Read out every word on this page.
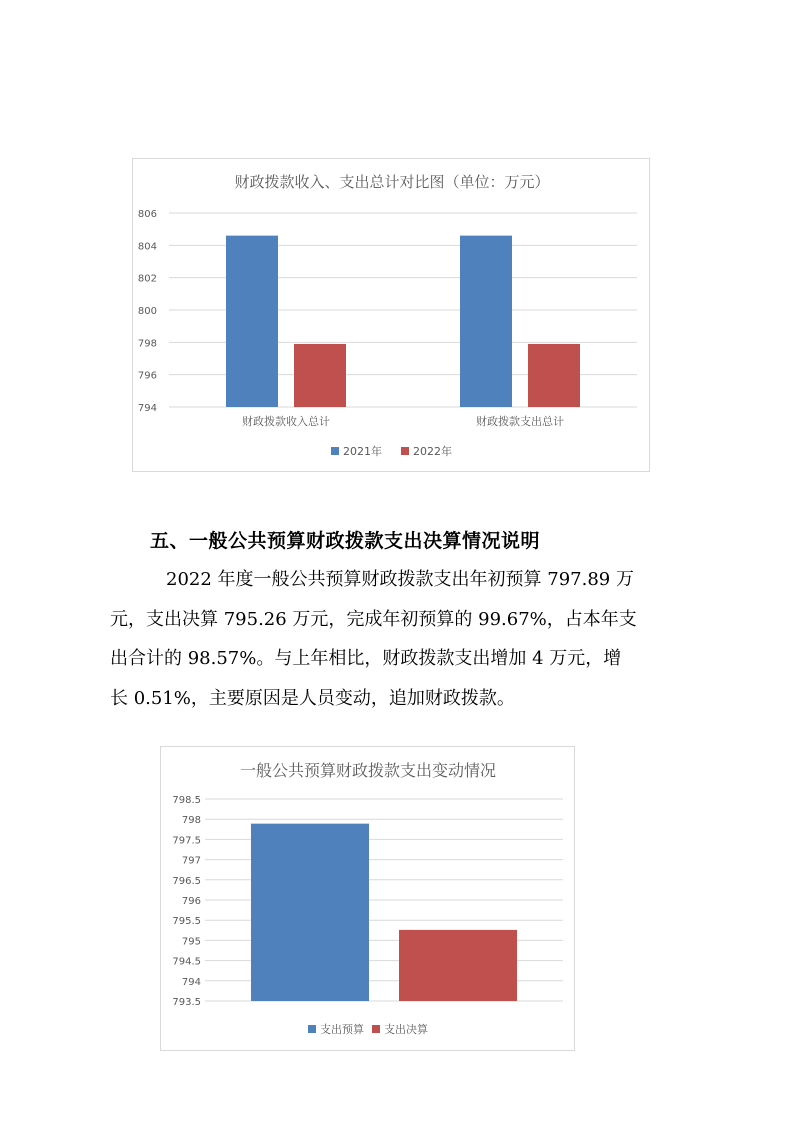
财政拨款收入、支出总计对比图（单位：万元）
794
796
798
800
802
804
806
财政拨款收入总计	财政拨款支出总计
2021年	2022年
五、一般公共预算财政拨款支出决算情况说明
2022 年度一般公共预算财政拨款支出年初预算 797.89 万
元，支出决算 795.26 万元，完成年初预算的 99.67%，占本年支
出合计的 98.57%。与上年相比，财政拨款支出增加 4 万元，增
长 0.51%，主要原因是人员变动，追加财政拨款。
一般公共预算财政拨款支出变动情况
793.5
794
794.5
795
795.5
796
796.5
797
797.5
798
798.5
支出预算 支出决算
